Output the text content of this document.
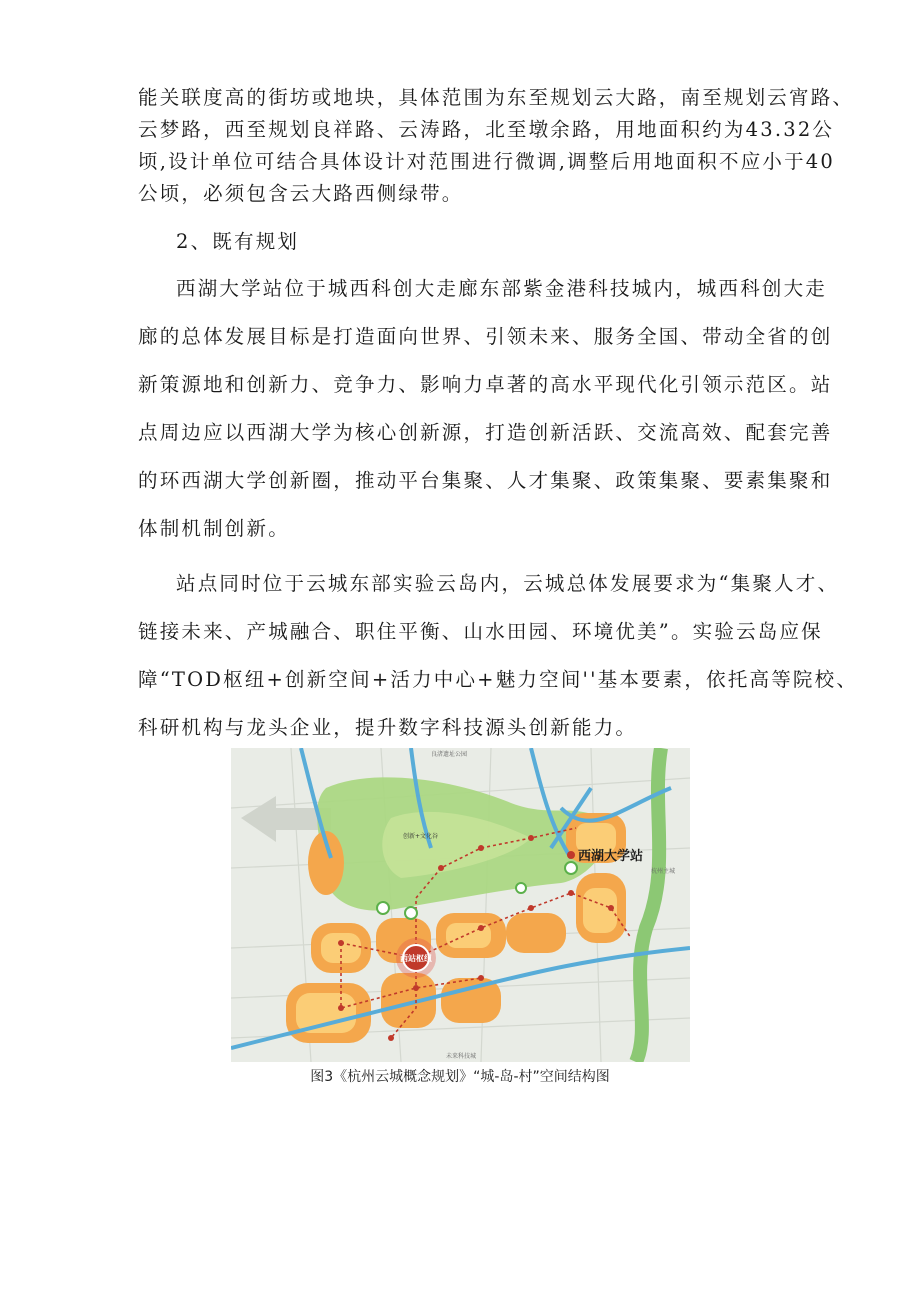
能关联度高的街坊或地块，具体范围为东至规划云大路，南至规划云宵路、
云梦路，西至规划良祥路、云涛路，北至墩余路，用地面积约为43.32公
顷,设计单位可结合具体设计对范围进行微调,调整后用地面积不应小于40
公顷，必须包含云大路西侧绿带。
2、既有规划
西湖大学站位于城西科创大走廊东部紫金港科技城内，城西科创大走
廊的总体发展目标是打造面向世界、引领未来、服务全国、带动全省的创
新策源地和创新力、竞争力、影响力卓著的高水平现代化引领示范区。站
点周边应以西湖大学为核心创新源，打造创新活跃、交流高效、配套完善
的环西湖大学创新圈，推动平台集聚、人才集聚、政策集聚、要素集聚和
体制机制创新。
站点同时位于云城东部实验云岛内，云城总体发展要求为“集聚人才、
链接未来、产城融合、职住平衡、山水田园、环境优美”。实验云岛应保
障“TOD枢纽+创新空间+活力中心+魅力空间''基本要素，依托高等院校、
科研机构与龙头企业，提升数字科技源头创新能力。
西站枢纽
西湖大学站
良渚遗址公园
创新+文化谷
杭州主城
未来科技城
图3《杭州云城概念规划》“城-岛-村”空间结构图
